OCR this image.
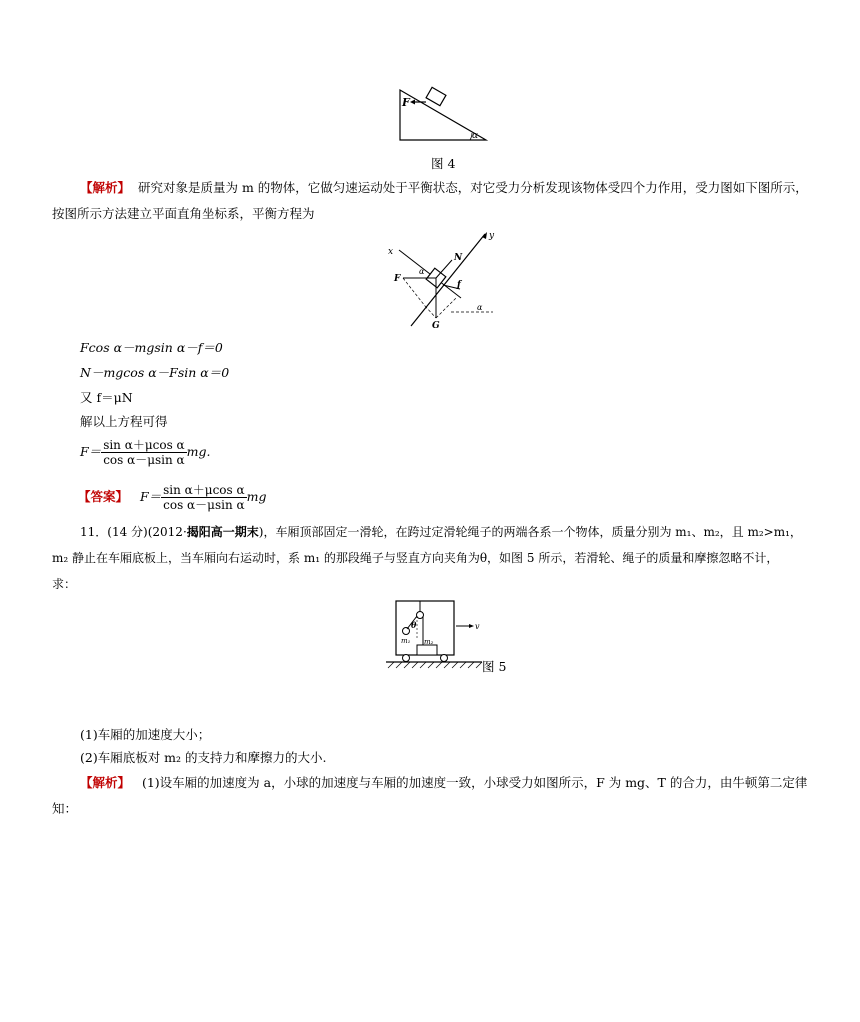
F
α
图 4
【解析】 研究对象是质量为 m 的物体，它做匀速运动处于平衡状态，对它受力分析发现该物体受四个力作用，受力图如下图所示，
按图所示方法建立平面直角坐标系，平衡方程为
y
x
N
F
G
f
α
α
Fcos α－mgsin α－f＝0
N－mgcos α－Fsin α＝0
又 f＝μN
解以上方程可得
$F= \frac{\text{sin α＋μcos α}}{\text{cos α－μsin α}}$ mg.
【答案】 $F= \frac{\text{sin α＋μcos α}}{\text{cos α－μsin α}}$ mg
11．(14 分)(2012·揭阳高一期末)，车厢顶部固定一滑轮，在跨过定滑轮绳子的两端各系一个物体，质量分别为 m₁、m₂，且 m₂>m₁，
m₂ 静止在车厢底板上，当车厢向右运动时，系 m₁ 的那段绳子与竖直方向夹角为θ，如图 5 所示，若滑轮、绳子的质量和摩擦忽略不计，
求：
θ
m₁ m₂
v
图 5
(1)车厢的加速度大小；
(2)车厢底板对 m₂ 的支持力和摩擦力的大小.
【解析】 (1)设车厢的加速度为 a，小球的加速度与车厢的加速度一致，小球受力如图所示，F 为 mg、T 的合力，由牛顿第二定律
知：
